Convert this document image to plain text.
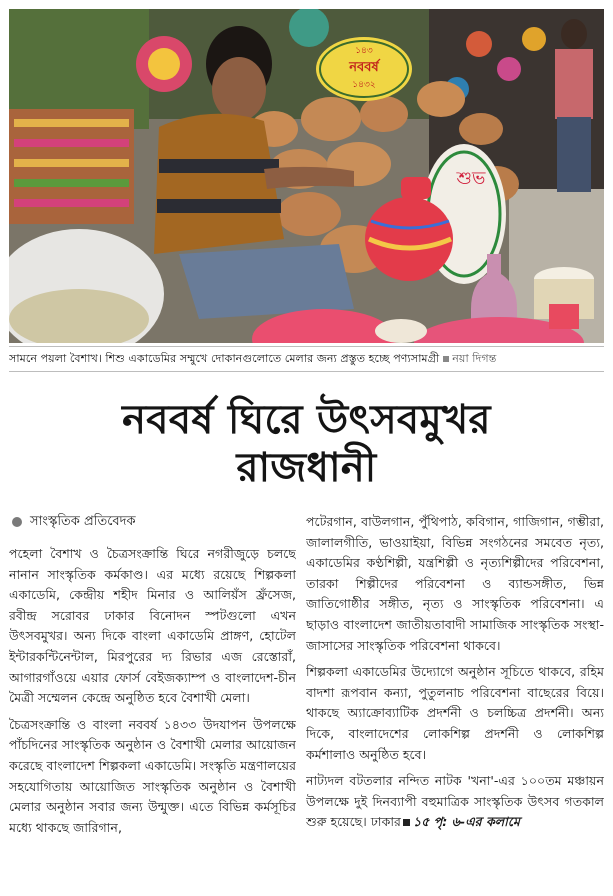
১৪৩
নববর্ষ
১৪৩২
শুভ
সামনে পয়লা বৈশাখ। শিশু একাডেমির সম্মুখে দোকানগুলোতে মেলার জন্য প্রস্তুত হচ্ছে পণ্যসামগ্রী নয়া দিগন্ত
নববর্ষ ঘিরে উৎসবমুখর
রাজধানী
সাংস্কৃতিক প্রতিবেদক

পহেলা বৈশাখ ও চৈত্রসংক্রান্তি ঘিরে নগরীজুড়ে চলছে নানান সাংস্কৃতিক কর্মকাণ্ড। এর মধ্যে রয়েছে শিল্পকলা একাডেমি, কেন্দ্রীয় শহীদ মিনার ও আলিয়ঁস ফ্রঁসেজ, রবীন্দ্র সরোবর ঢাকার বিনোদন স্পটগুলো এখন উৎসবমুখর। অন্য দিকে বাংলা একাডেমি প্রাঙ্গণ, হোটেল ইন্টারকন্টিনেন্টাল, মিরপুরের দ্য রিভার এজ রেস্তোরাঁ, আগারগাঁওয়ে এয়ার ফোর্স বেইজক্যাম্প ও বাংলাদেশ-চীন মৈত্রী সম্মেলন কেন্দ্রে অনুষ্ঠিত হবে বৈশাখী মেলা।

চৈত্রসংক্রান্তি ও বাংলা নববর্ষ ১৪৩৩ উদযাপন উপলক্ষে পাঁচদিনের সাংস্কৃতিক অনুষ্ঠান ও বৈশাখী মেলার আয়োজন করেছে বাংলাদেশ শিল্পকলা একাডেমি। সংস্কৃতি মন্ত্রণালয়ের সহযোগিতায় আয়োজিত সাংস্কৃতিক অনুষ্ঠান ও বৈশাখী মেলার অনুষ্ঠান সবার জন্য উন্মুক্ত। এতে বিভিন্ন কর্মসূচির মধ্যে থাকছে জারিগান,

পটেরগান, বাউলগান, পুঁথিপাঠ, কবিগান, গাজিগান, গম্ভীরা, জালালগীতি, ভাওয়াইয়া, বিভিন্ন সংগঠনের সমবেত নৃত্য, একাডেমির কণ্ঠশিল্পী, যন্ত্রশিল্পী ও নৃত্যশিল্পীদের পরিবেশনা, তারকা শিল্পীদের পরিবেশনা ও ব্যান্ডসঙ্গীত, ভিন্ন জাতিগোষ্ঠীর সঙ্গীত, নৃত্য ও সাংস্কৃতিক পরিবেশনা। এ ছাড়াও বাংলাদেশ জাতীয়তাবাদী সামাজিক সাংস্কৃতিক সংস্থা-জাসাসের সাংস্কৃতিক পরিবেশনা থাকবে।

শিল্পকলা একাডেমির উদ্যোগে অনুষ্ঠান সূচিতে থাকবে, রহিম বাদশা রূপবান কন্যা, পুতুলনাচ পরিবেশনা বাছেরের বিয়ে। থাকছে অ্যাক্রোব্যাটিক প্রদর্শনী ও চলচ্চিত্র প্রদর্শনী। অন্য দিকে, বাংলাদেশের লোকশিল্প প্রদর্শনী ও লোকশিল্প কর্মশালাও অনুষ্ঠিত হবে।

নাট্যদল বটতলার নন্দিত নাটক 'খনা'-এর ১০০তম মঞ্চায়ন উপলক্ষে দুই দিনব্যাপী বহুমাত্রিক সাংস্কৃতিক উৎসব গতকাল শুরু হয়েছে। ঢাকার ১৫ পৃ: ৬-এর কলামে
